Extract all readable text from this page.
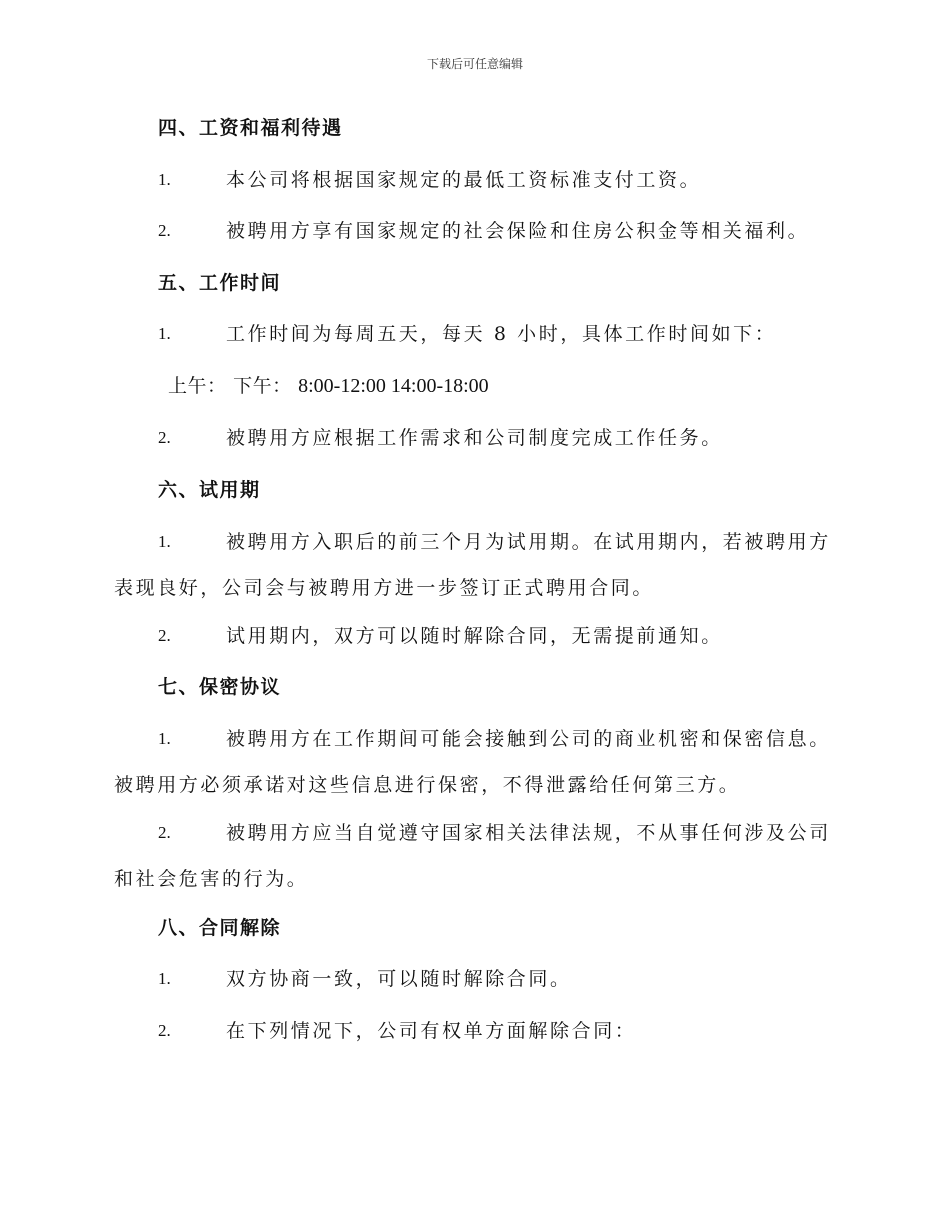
下载后可任意编辑
四、工资和福利待遇
1.	本公司将根据国家规定的最低工资标准支付工资。
2.	被聘用方享有国家规定的社会保险和住房公积金等相关福利。
五、工作时间
1.	工作时间为每周五天，每天 8 小时，具体工作时间如下：
上午： 下午： 8:00-12:00 14:00-18:00
2.	被聘用方应根据工作需求和公司制度完成工作任务。
六、试用期
1.	被聘用方入职后的前三个月为试用期。在试用期内，若被聘用方
表现良好，公司会与被聘用方进一步签订正式聘用合同。
2.	试用期内，双方可以随时解除合同，无需提前通知。
七、保密协议
1.	被聘用方在工作期间可能会接触到公司的商业机密和保密信息。
被聘用方必须承诺对这些信息进行保密，不得泄露给任何第三方。
2.	被聘用方应当自觉遵守国家相关法律法规，不从事任何涉及公司
和社会危害的行为。
八、合同解除
1.	双方协商一致，可以随时解除合同。
2.	在下列情况下，公司有权单方面解除合同：
